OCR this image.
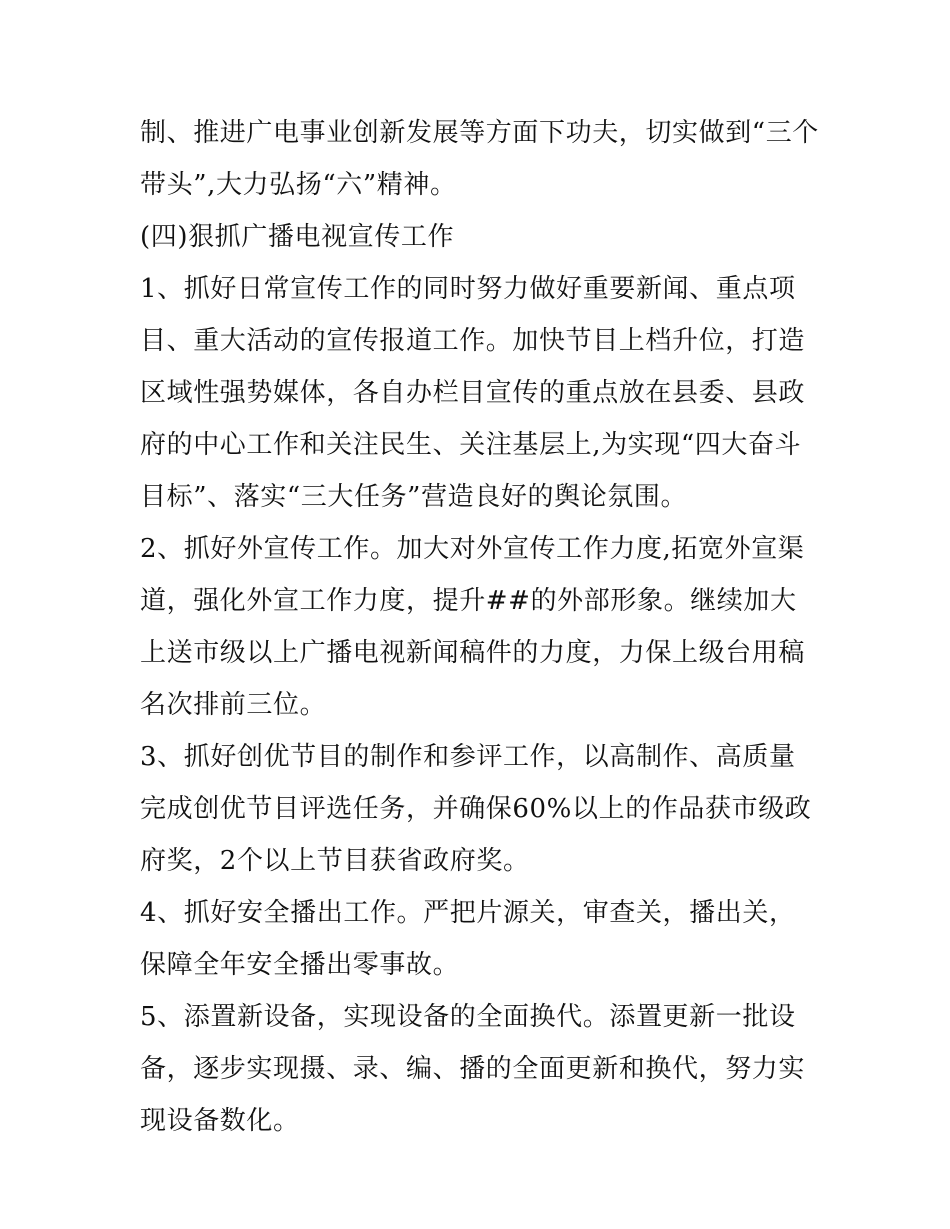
制、推进广电事业创新发展等方面下功夫，切实做到“三个带头”,大力弘扬“六”精神。

(四)狠抓广播电视宣传工作

1、抓好日常宣传工作的同时努力做好重要新闻、重点项目、重大活动的宣传报道工作。加快节目上档升位，打造区域性强势媒体，各自办栏目宣传的重点放在县委、县政府的中心工作和关注民生、关注基层上,为实现“四大奋斗目标”、落实“三大任务”营造良好的舆论氛围。

2、抓好外宣传工作。加大对外宣传工作力度,拓宽外宣渠道，强化外宣工作力度，提升##的外部形象。继续加大上送市级以上广播电视新闻稿件的力度，力保上级台用稿名次排前三位。

3、抓好创优节目的制作和参评工作，以高制作、高质量完成创优节目评选任务，并确保60%以上的作品获市级政府奖，2个以上节目获省政府奖。

4、抓好安全播出工作。严把片源关，审查关，播出关，保障全年安全播出零事故。

5、添置新设备，实现设备的全面换代。添置更新一批设备，逐步实现摄、录、编、播的全面更新和换代，努力实现设备数化。
